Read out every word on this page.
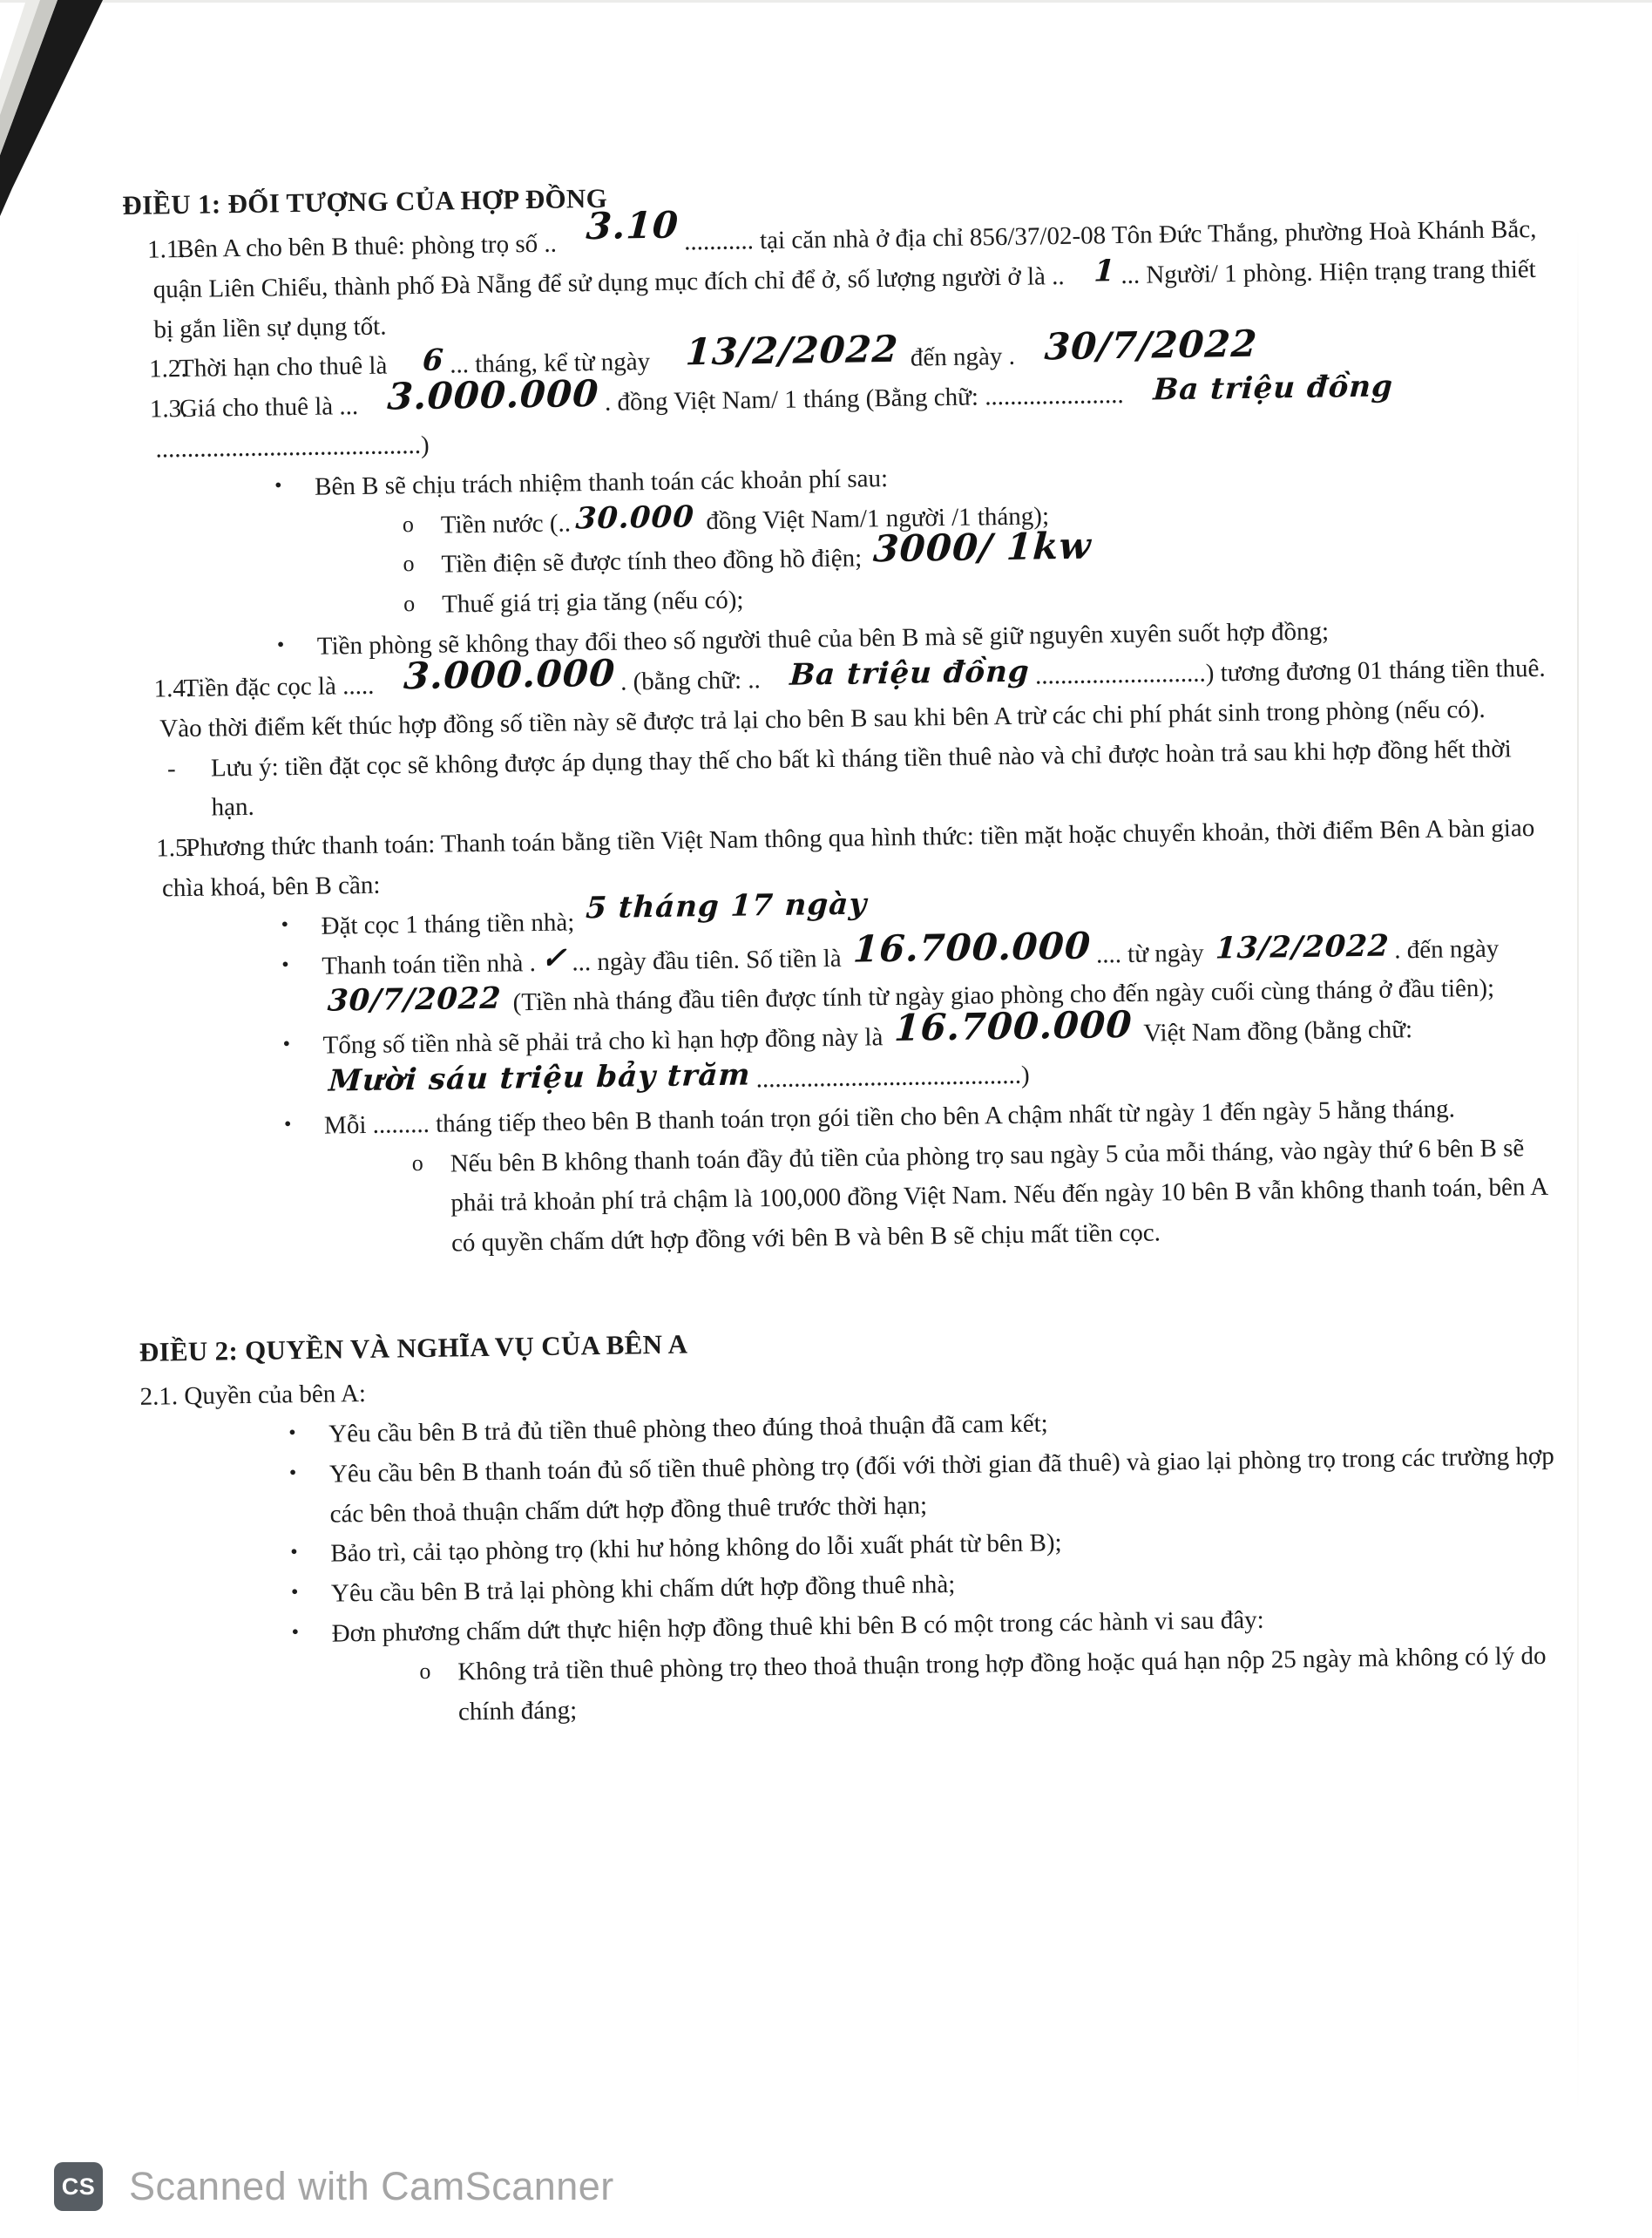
ĐIỀU 1: ĐỐI TƯỢNG CỦA HỢP ĐỒNG
1.1.
Bên A cho bên B thuê: phòng trọ số .. 3.10 ........... tại căn nhà ở địa chỉ 856/37/02-08 Tôn Đức Thắng, phường Hoà Khánh Bắc, quận Liên Chiểu, thành phố Đà Nẵng để sử dụng mục đích chỉ để ở, số lượng người ở là .. 1 ... Người/ 1 phòng. Hiện trạng trang thiết bị gắn liền sự dụng tốt.
1.2.
Thời hạn cho thuê là 6 ... tháng, kể từ ngày 13/2/2022 đến ngày . 30/7/2022
1.3.
Giá cho thuê là ... 3.000.000 . đồng Việt Nam/ 1 tháng (Bằng chữ: ...................... Ba triệu đồng..........................................)
• Bên B sẽ chịu trách nhiệm thanh toán các khoản phí sau:
o Tiền nước (.. 30.000 đồng Việt Nam/1 người /1 tháng);
o Tiền điện sẽ được tính theo đồng hồ điện; 3000/ 1kw
o Thuế giá trị gia tăng (nếu có);
• Tiền phòng sẽ không thay đổi theo số người thuê của bên B mà sẽ giữ nguyên xuyên suốt hợp đồng;
1.4.
Tiền đặc cọc là ..... 3.000.000 . (bằng chữ: .. Ba triệu đồng ...........................) tương đương 01 tháng tiền thuê. Vào thời điểm kết thúc hợp đồng số tiền này sẽ được trả lại cho bên B sau khi bên A trừ các chi phí phát sinh trong phòng (nếu có).
- Lưu ý: tiền đặt cọc sẽ không được áp dụng thay thế cho bất kì tháng tiền thuê nào và chỉ được hoàn trả sau khi hợp đồng hết thời hạn.
1.5.
Phương thức thanh toán: Thanh toán bằng tiền Việt Nam thông qua hình thức: tiền mặt hoặc chuyển khoản, thời điểm Bên A bàn giao chìa khoá, bên B cần:
• Đặt cọc 1 tháng tiền nhà; 5 tháng 17 ngày
• Thanh toán tiền nhà . ✓ ... ngày đầu tiên. Số tiền là 16.700.000 .... từ ngày 13/2/2022 . đến ngày 30/7/2022 (Tiền nhà tháng đầu tiên được tính từ ngày giao phòng cho đến ngày cuối cùng tháng ở đầu tiên);
• Tổng số tiền nhà sẽ phải trả cho kì hạn hợp đồng này là 16.700.000 Việt Nam đồng (bằng chữ: Mười sáu triệu bảy trăm ..........................................)
• Mỗi ......... tháng tiếp theo bên B thanh toán trọn gói tiền cho bên A chậm nhất từ ngày 1 đến ngày 5 hằng tháng.
o Nếu bên B không thanh toán đầy đủ tiền của phòng trọ sau ngày 5 của mỗi tháng, vào ngày thứ 6 bên B sẽ phải trả khoản phí trả chậm là 100,000 đồng Việt Nam. Nếu đến ngày 10 bên B vẫn không thanh toán, bên A có quyền chấm dứt hợp đồng với bên B và bên B sẽ chịu mất tiền cọc.
ĐIỀU 2: QUYỀN VÀ NGHĨA VỤ CỦA BÊN A
2.1. Quyền của bên A:
• Yêu cầu bên B trả đủ tiền thuê phòng theo đúng thoả thuận đã cam kết;
• Yêu cầu bên B thanh toán đủ số tiền thuê phòng trọ (đối với thời gian đã thuê) và giao lại phòng trọ trong các trường hợp các bên thoả thuận chấm dứt hợp đồng thuê trước thời hạn;
• Bảo trì, cải tạo phòng trọ (khi hư hỏng không do lỗi xuất phát từ bên B);
• Yêu cầu bên B trả lại phòng khi chấm dứt hợp đồng thuê nhà;
• Đơn phương chấm dứt thực hiện hợp đồng thuê khi bên B có một trong các hành vi sau đây:
o Không trả tiền thuê phòng trọ theo thoả thuận trong hợp đồng hoặc quá hạn nộp 25 ngày mà không có lý do chính đáng;
CS Scanned with CamScanner
